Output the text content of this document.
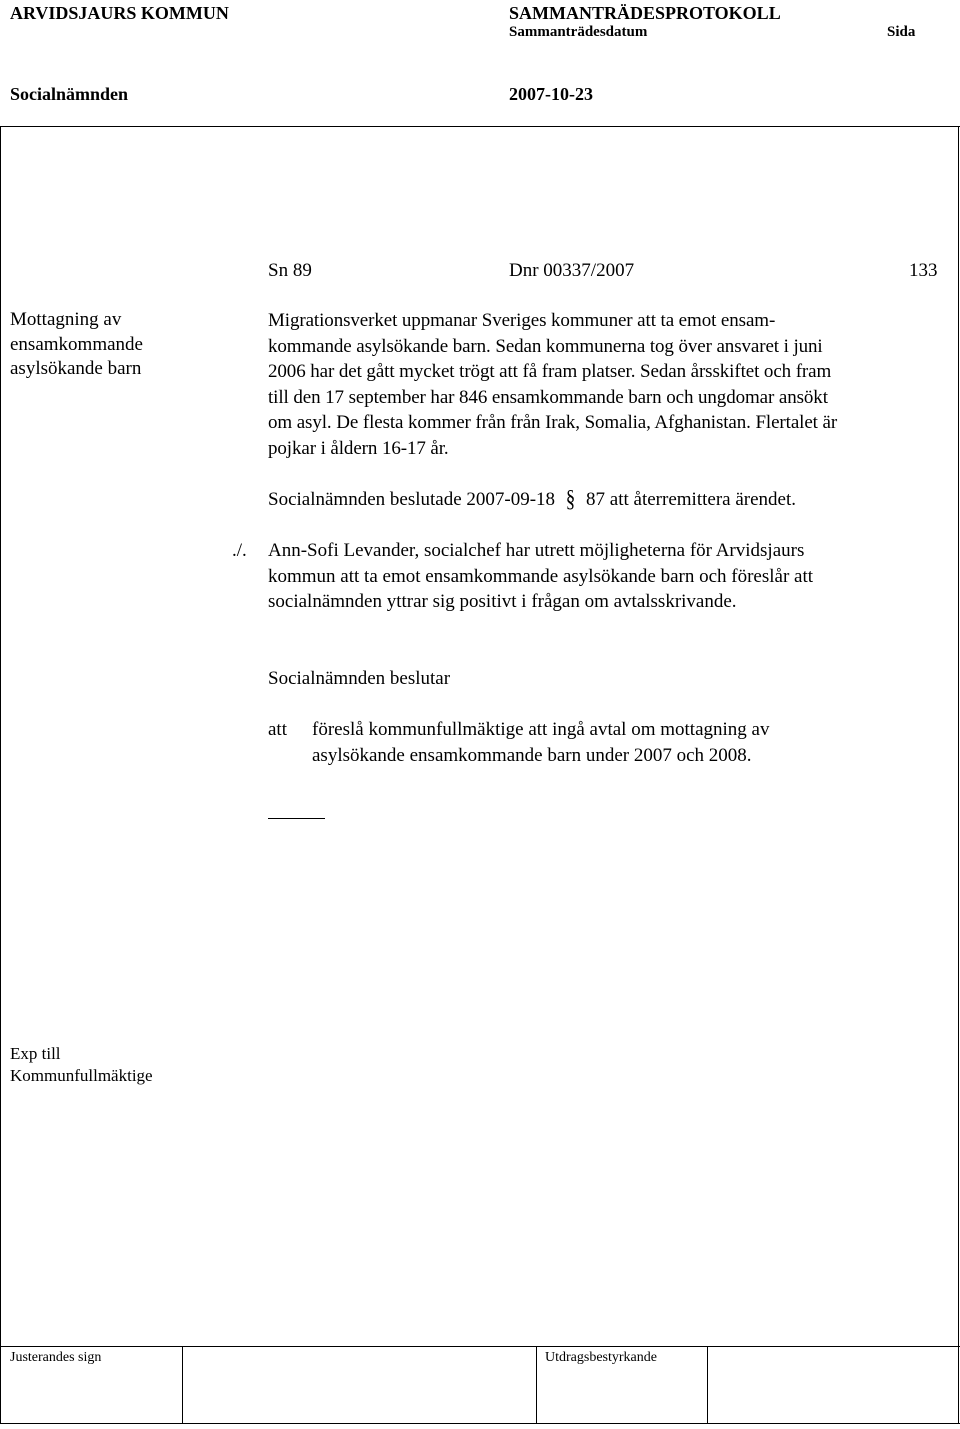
ARVIDSJAURS KOMMUN	SAMMANTRÄDESPROTOKOLL
Sammanträdesdatum	Sida
Socialnämnden	2007-10-23
Sn 89	Dnr 00337/2007	133
Mottagning av
ensamkommande
asylsökande barn
Migrationsverket uppmanar Sveriges kommuner att ta emot ensam-
kommande asylsökande barn. Sedan kommunerna tog över ansvaret i juni
2006 har det gått mycket trögt att få fram platser. Sedan årsskiftet och fram
till den 17 september har 846 ensamkommande barn och ungdomar ansökt
om asyl. De flesta kommer från från Irak, Somalia, Afghanistan. Flertalet är
pojkar i åldern 16-17 år.
Socialnämnden beslutade 2007-09-18 § 87 att återremittera ärendet.
./. Ann-Sofi Levander, socialchef har utrett möjligheterna för Arvidsjaurs
kommun att ta emot ensamkommande asylsökande barn och föreslår att
socialnämnden yttrar sig positivt i frågan om avtalsskrivande.
Socialnämnden beslutar
att föreslå kommunfullmäktige att ingå avtal om mottagning av
asylsökande ensamkommande barn under 2007 och 2008.
Exp till
Kommunfullmäktige
Justerandes sign	Utdragsbestyrkande
